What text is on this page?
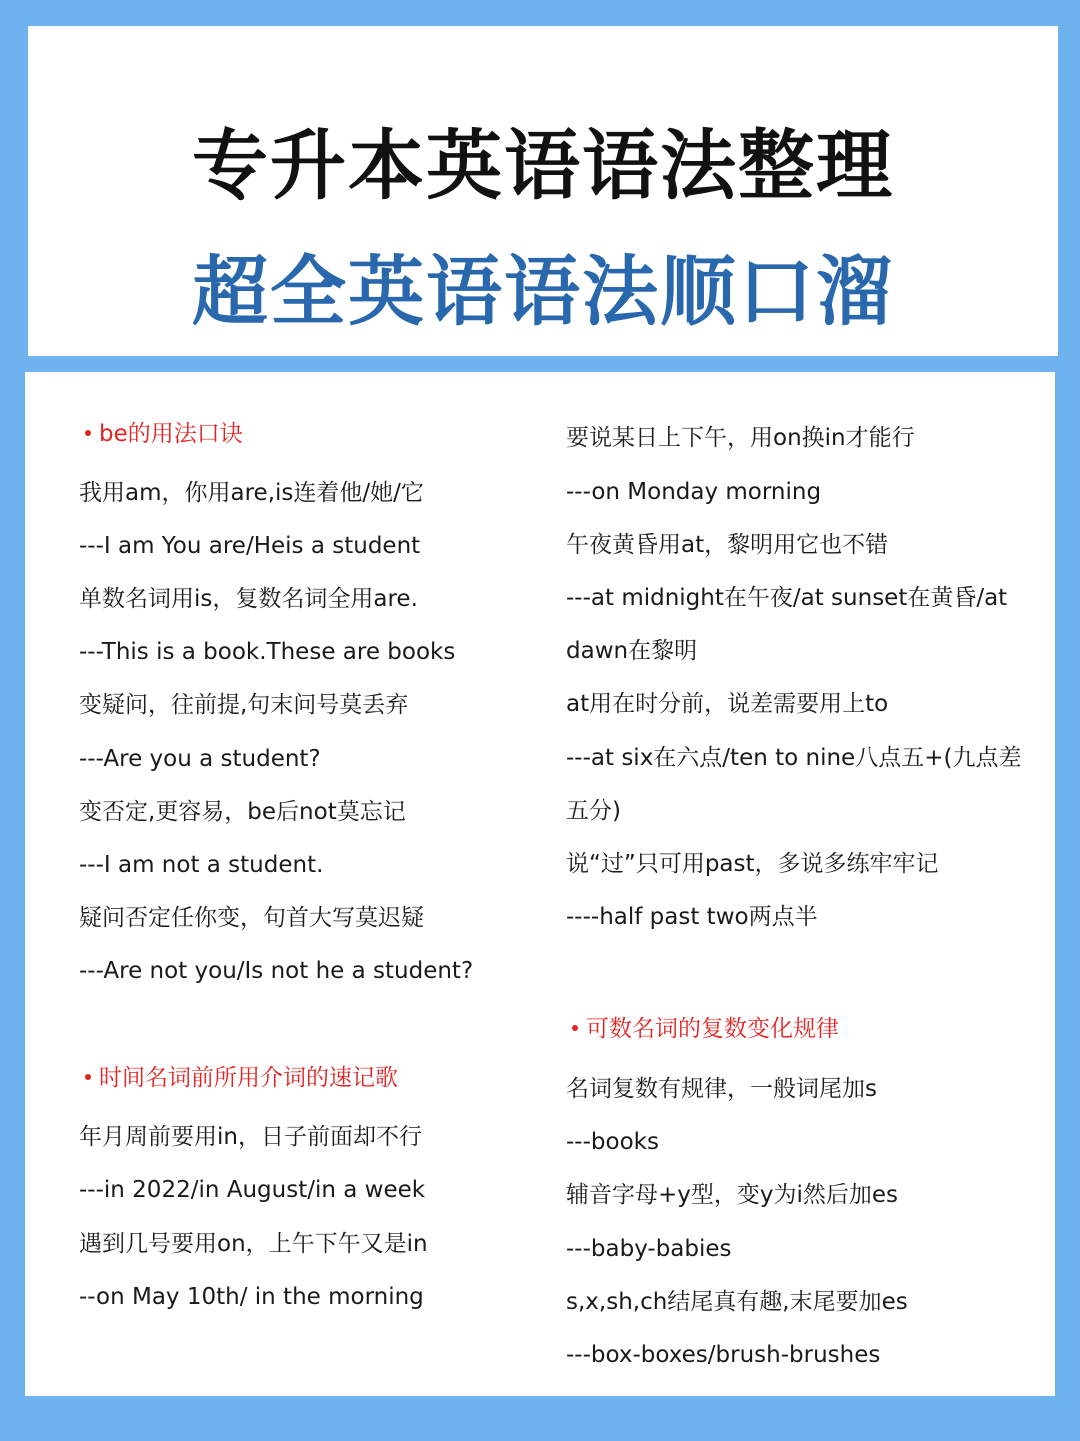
专升本英语语法整理
超全英语语法顺口溜
be的用法口诀
我用am，你用are,is连着他/她/它
---I am You are/Heis a student
单数名词用is，复数名词全用are.
---This is a book.These are books
变疑问，往前提,句末问号莫丢弃
---Are you a student?
变否定,更容易，be后not莫忘记
---I am not a student.
疑问否定任你变，句首大写莫迟疑
---Are not you/Is not he a student?
时间名词前所用介词的速记歌
年月周前要用in，日子前面却不行
---in 2022/in August/in a week
遇到几号要用on，上午下午又是in
--on May 10th/ in the morning
要说某日上下午，用on换in才能行
---on Monday morning
午夜黄昏用at，黎明用它也不错
---at midnight在午夜/at sunset在黄昏/at
dawn在黎明
at用在时分前，说差需要用上to
---at six在六点/ten to nine八点五+(九点差
五分)
说“过”只可用past，多说多练牢牢记
----half past two两点半
可数名词的复数变化规律
名词复数有规律，一般词尾加s
---books
辅音字母+y型，变y为i然后加es
---baby-babies
s,x,sh,ch结尾真有趣,末尾要加es
---box-boxes/brush-brushes
